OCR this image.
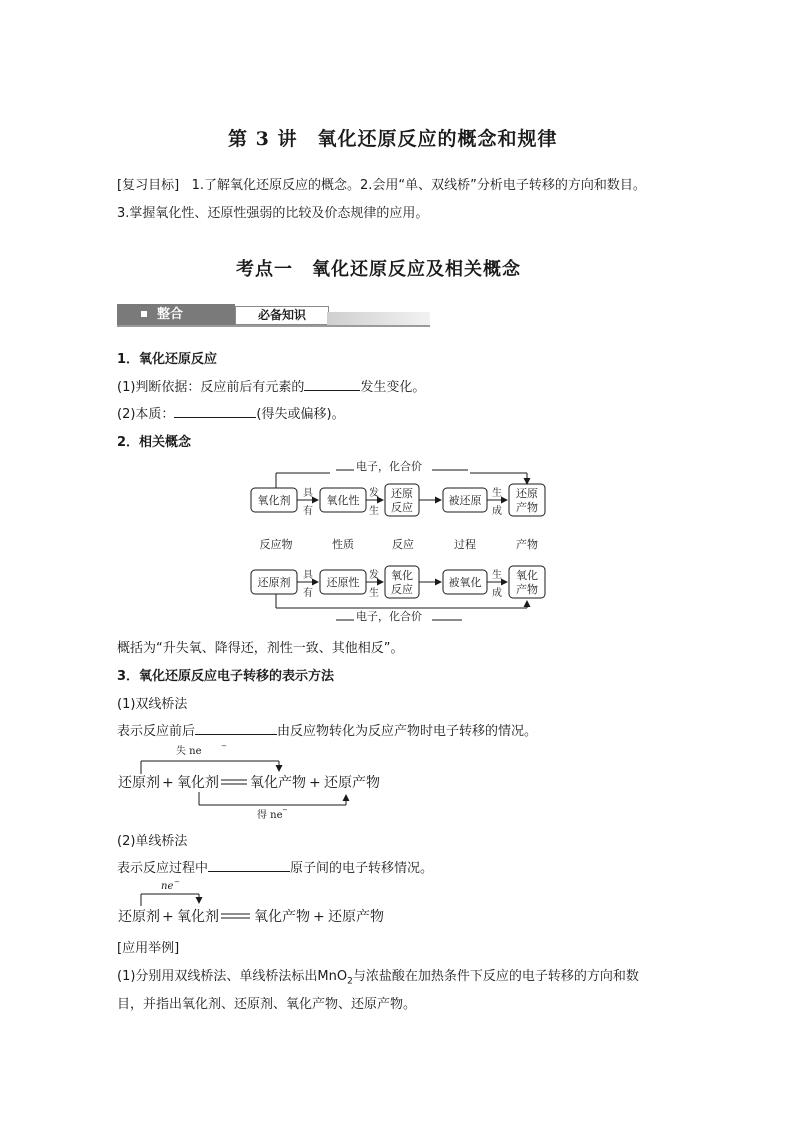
第 3 讲　氧化还原反应的概念和规律
[复习目标] 1.了解氧化还原反应的概念。2.会用“单、双线桥”分析电子转移的方向和数目。
3.掌握氧化性、还原性强弱的比较及价态规律的应用。
考点一　氧化还原反应及相关概念
整合	必备知识
1．氧化还原反应
(1)判断依据：反应前后有元素的	发生变化。
(2)本质：	(得失或偏移)。
2．相关概念
电子，化合价
氧化剂
具
有
氧化性
发
生
还原
反应
被还原
生
成
还原
产物
反应物	性质	反应	过程	产物
还原剂
具
有
还原性
发
生
氧化
反应
被氧化
生
成
氧化
产物
电子，化合价
概括为“升失氧、降得还，剂性一致、其他相反”。
3．氧化还原反应电子转移的表示方法
(1)双线桥法
表示反应前后	由反应物转化为反应产物时电子转移的情况。
失 ne	−
还原剂 + 氧化剂 氧化产物 + 还原产物
得 ne −
(2)单线桥法
表示反应过程中	原子间的电子转移情况。
ne −
还原剂 + 氧化剂	氧化产物 + 还原产物
[应用举例]
(1)分别用双线桥法、单线桥法标出MnO$_2$与浓盐酸在加热条件下反应的电子转移的方向和数
目，并指出氧化剂、还原剂、氧化产物、还原产物。
